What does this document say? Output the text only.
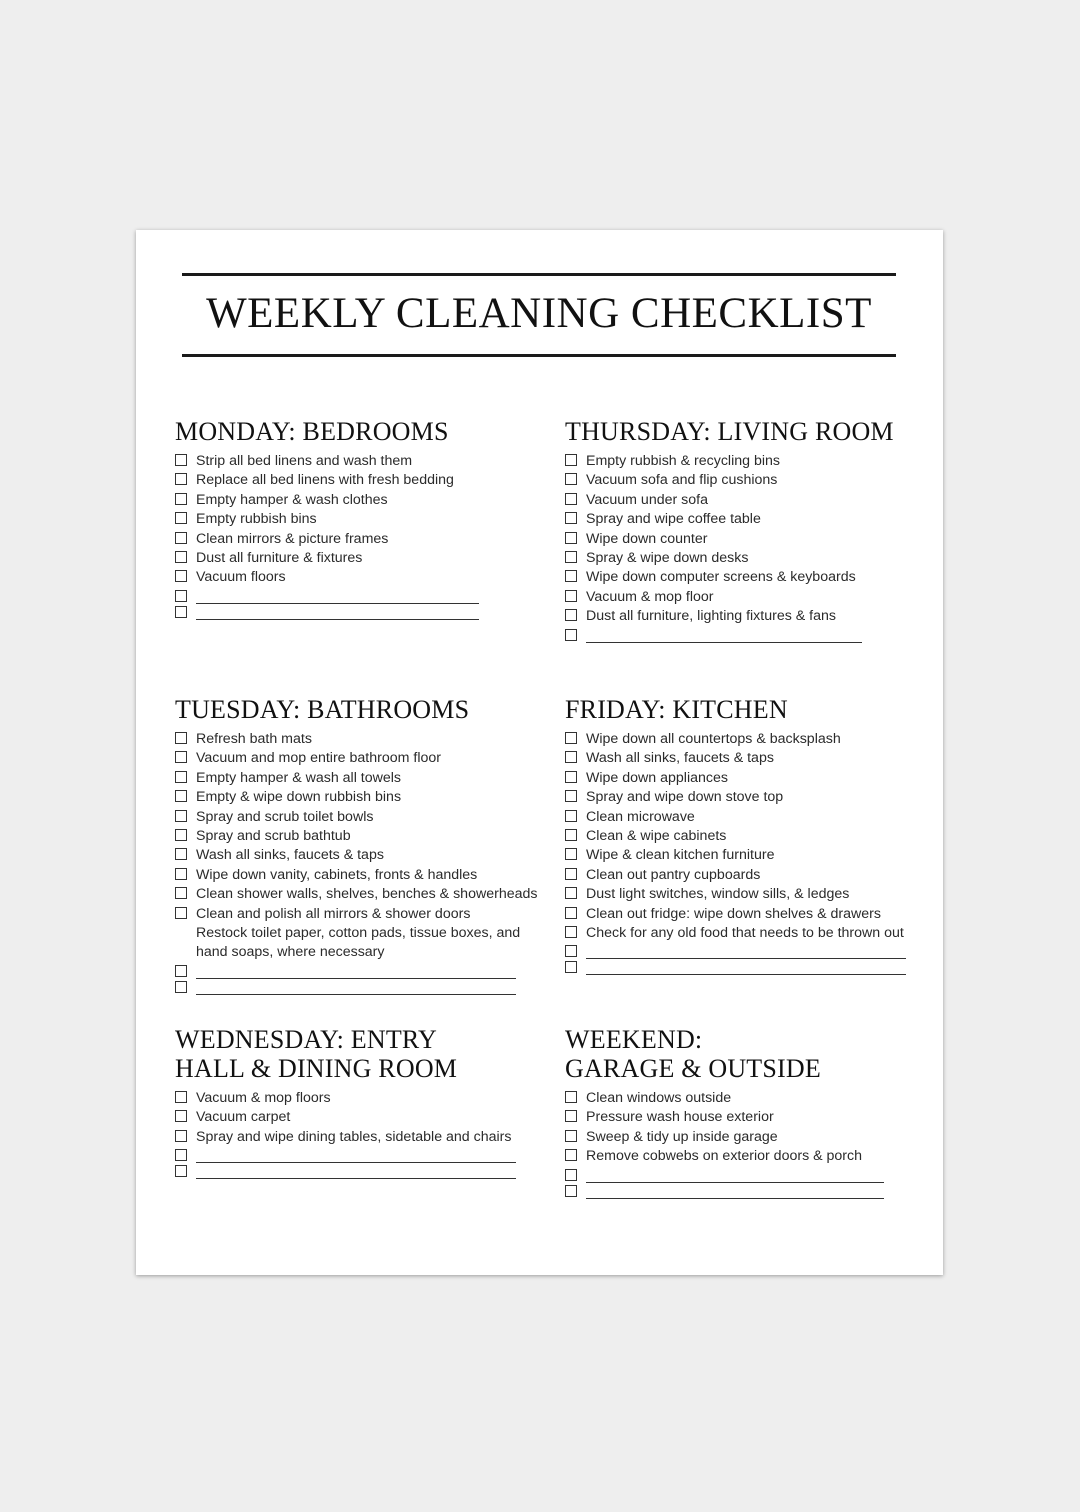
WEEKLY CLEANING CHECKLIST
MONDAY: BEDROOMS
Strip all bed linens and wash them
Replace all bed linens with fresh bedding
Empty hamper & wash clothes
Empty rubbish bins
Clean mirrors & picture frames
Dust all furniture & fixtures
Vacuum floors
THURSDAY: LIVING ROOM
Empty rubbish & recycling bins
Vacuum sofa and flip cushions
Vacuum under sofa
Spray and wipe coffee table
Wipe down counter
Spray & wipe down desks
Wipe down computer screens & keyboards
Vacuum & mop floor
Dust all furniture, lighting fixtures & fans
TUESDAY: BATHROOMS
Refresh bath mats
Vacuum and mop entire bathroom floor
Empty hamper & wash all towels
Empty & wipe down rubbish bins
Spray and scrub toilet bowls
Spray and scrub bathtub
Wash all sinks, faucets & taps
Wipe down vanity, cabinets, fronts & handles
Clean shower walls, shelves, benches & showerheads
Clean and polish all mirrors & shower doors
Restock toilet paper, cotton pads, tissue boxes, and hand soaps, where necessary
FRIDAY: KITCHEN
Wipe down all countertops & backsplash
Wash all sinks, faucets & taps
Wipe down appliances
Spray and wipe down stove top
Clean microwave
Clean & wipe cabinets
Wipe & clean kitchen furniture
Clean out pantry cupboards
Dust light switches, window sills, & ledges
Clean out fridge: wipe down shelves & drawers
Check for any old food that needs to be thrown out
WEDNESDAY: ENTRY
HALL & DINING ROOM
Vacuum & mop floors
Vacuum carpet
Spray and wipe dining tables, sidetable and chairs
WEEKEND:
GARAGE & OUTSIDE
Clean windows outside
Pressure wash house exterior
Sweep & tidy up inside garage
Remove cobwebs on exterior doors & porch
